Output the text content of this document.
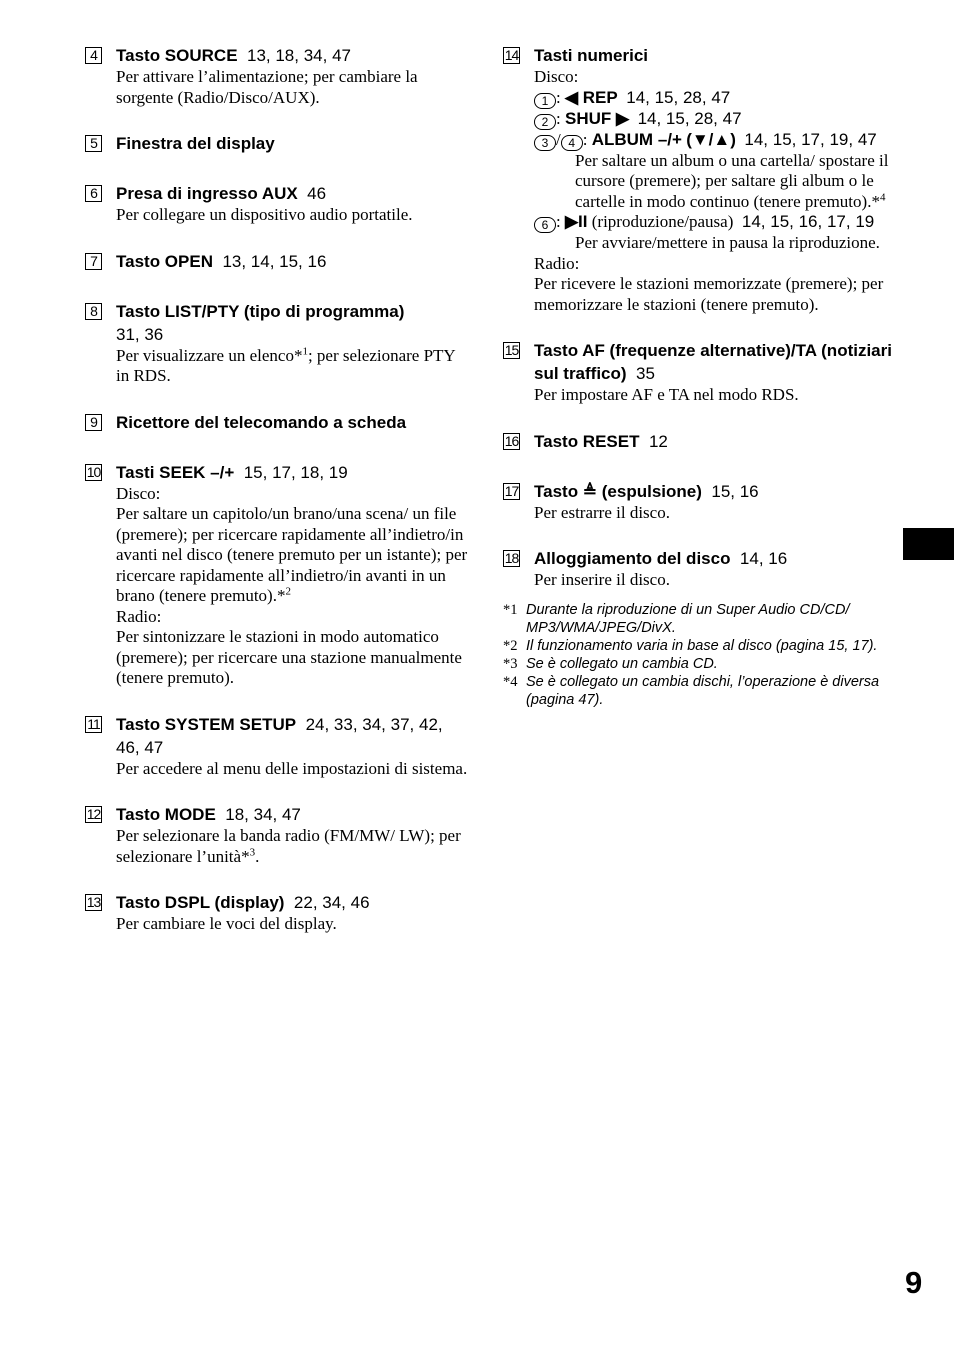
4	Tasto SOURCE 13, 18, 34, 47
Per attivare l’alimentazione; per cambiare la sorgente (Radio/Disco/AUX).
5	Finestra del display
6	Presa di ingresso AUX 46
Per collegare un dispositivo audio portatile.
7	Tasto OPEN 13, 14, 15, 16
8	Tasto LIST/PTY (tipo di programma)
31, 36
Per visualizzare un elenco*$^1$; per selezionare PTY in RDS.
9	Ricettore del telecomando a scheda
10 Tasti SEEK –/+ 15, 17, 18, 19
Disco:
Per saltare un capitolo/un brano/una scena/ un file (premere); per ricercare rapidamente all’indietro/in avanti nel disco (tenere premuto per un istante); per ricercare rapidamente all’indietro/in avanti in un brano (tenere premuto).*$^2$
Radio:
Per sintonizzare le stazioni in modo automatico (premere); per ricercare una stazione manualmente (tenere premuto).
11 Tasto SYSTEM SETUP 24, 33, 34, 37, 42, 46, 47
Per accedere al menu delle impostazioni di sistema.
12 Tasto MODE 18, 34, 47
Per selezionare la banda radio (FM/MW/ LW); per selezionare l’unità*$^3$.
13 Tasto DSPL (display) 22, 34, 46
Per cambiare le voci del display.
14 Tasti numerici
Disco:
1 : ◀ REP 14, 15, 28, 47
2 : SHUF ▶ 14, 15, 28, 47
3 / 4 : ALBUM –/+ (▼/▲) 14, 15, 17, 19, 47
Per saltare un album o una cartella/ spostare il cursore (premere); per saltare gli album o le cartelle in modo continuo (tenere premuto).*$^4$
6 : ▶II (riproduzione/pausa) 14, 15, 16, 17, 19
Per avviare/mettere in pausa la riproduzione.
Radio:
Per ricevere le stazioni memorizzate (premere); per memorizzare le stazioni (tenere premuto).
15 Tasto AF (frequenze alternative)/TA (notiziari sul traffico) 35
Per impostare AF e TA nel modo RDS.
16 Tasto RESET 12
17 Tasto ≜ (espulsione) 15, 16
Per estrarre il disco.
18 Alloggiamento del disco 14, 16
Per inserire il disco.
*1 Durante la riproduzione di un Super Audio CD/CD/ MP3/WMA/JPEG/DivX.
*2 Il funzionamento varia in base al disco (pagina 15, 17).
*3 Se è collegato un cambia CD.
*4 Se è collegato un cambia dischi, l’operazione è diversa (pagina 47).
9
